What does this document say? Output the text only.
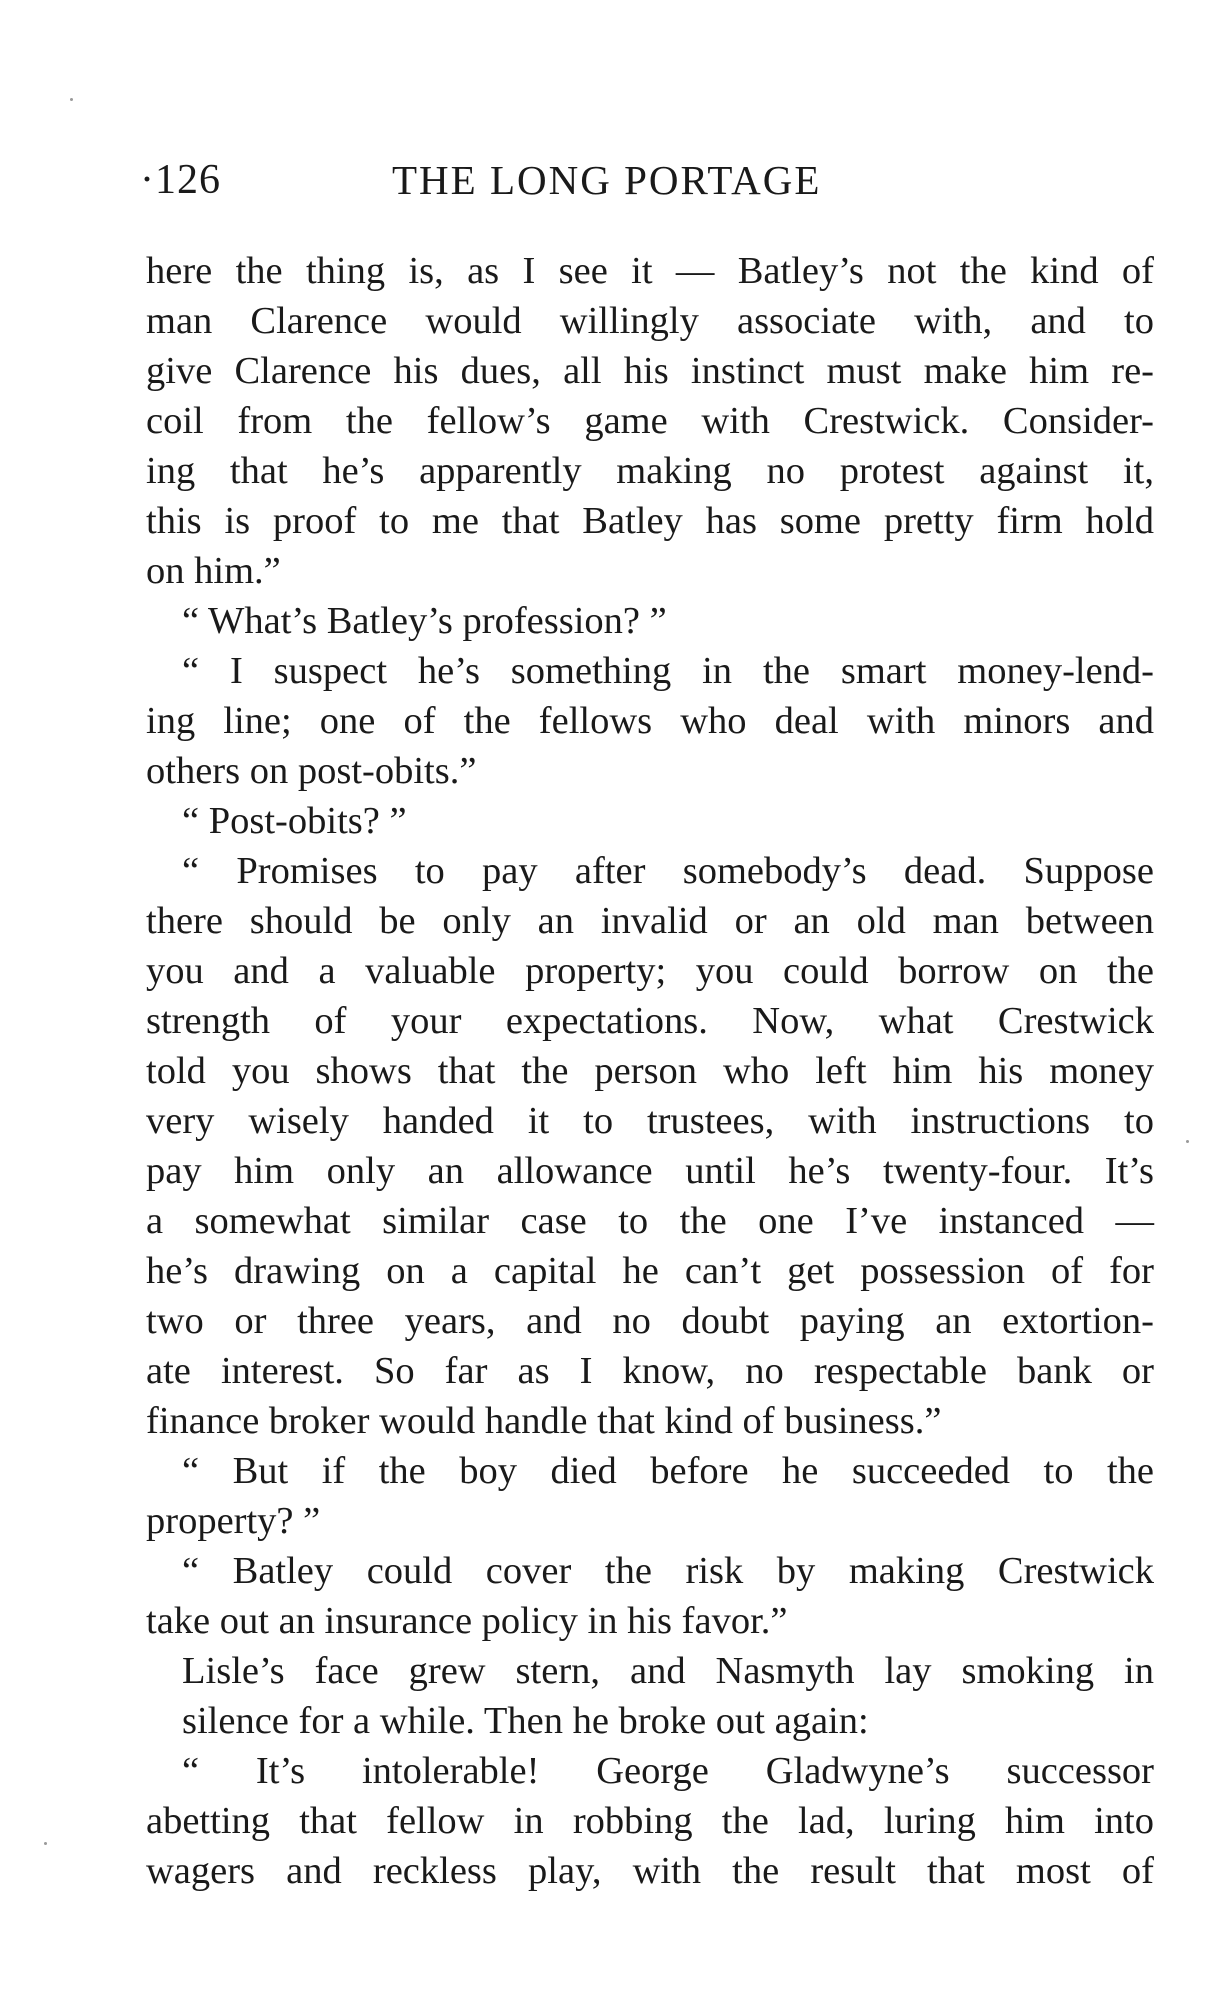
·126	THE LONG PORTAGE
here the thing is, as I see it — Batley’s not the kind of
man Clarence would willingly associate with, and to
give Clarence his dues, all his instinct must make him re-
coil from the fellow’s game with Crestwick. Consider-
ing that he’s apparently making no protest against it,
this is proof to me that Batley has some pretty firm hold
on him.”
“ What’s Batley’s profession? ”
“ I suspect he’s something in the smart money-lend-
ing line; one of the fellows who deal with minors and
others on post-obits.”
“ Post-obits? ”
“ Promises to pay after somebody’s dead. Suppose
there should be only an invalid or an old man between
you and a valuable property; you could borrow on the
strength of your expectations. Now, what Crestwick
told you shows that the person who left him his money
very wisely handed it to trustees, with instructions to
pay him only an allowance until he’s twenty-four. It’s
a somewhat similar case to the one I’ve instanced —
he’s drawing on a capital he can’t get possession of for
two or three years, and no doubt paying an extortion-
ate interest. So far as I know, no respectable bank or
finance broker would handle that kind of business.”
“ But if the boy died before he succeeded to the
property? ”
“ Batley could cover the risk by making Crestwick
take out an insurance policy in his favor.”
Lisle’s face grew stern, and Nasmyth lay smoking in
silence for a while. Then he broke out again:
“ It’s intolerable! George Gladwyne’s successor
abetting that fellow in robbing the lad, luring him into
wagers and reckless play, with the result that most of
